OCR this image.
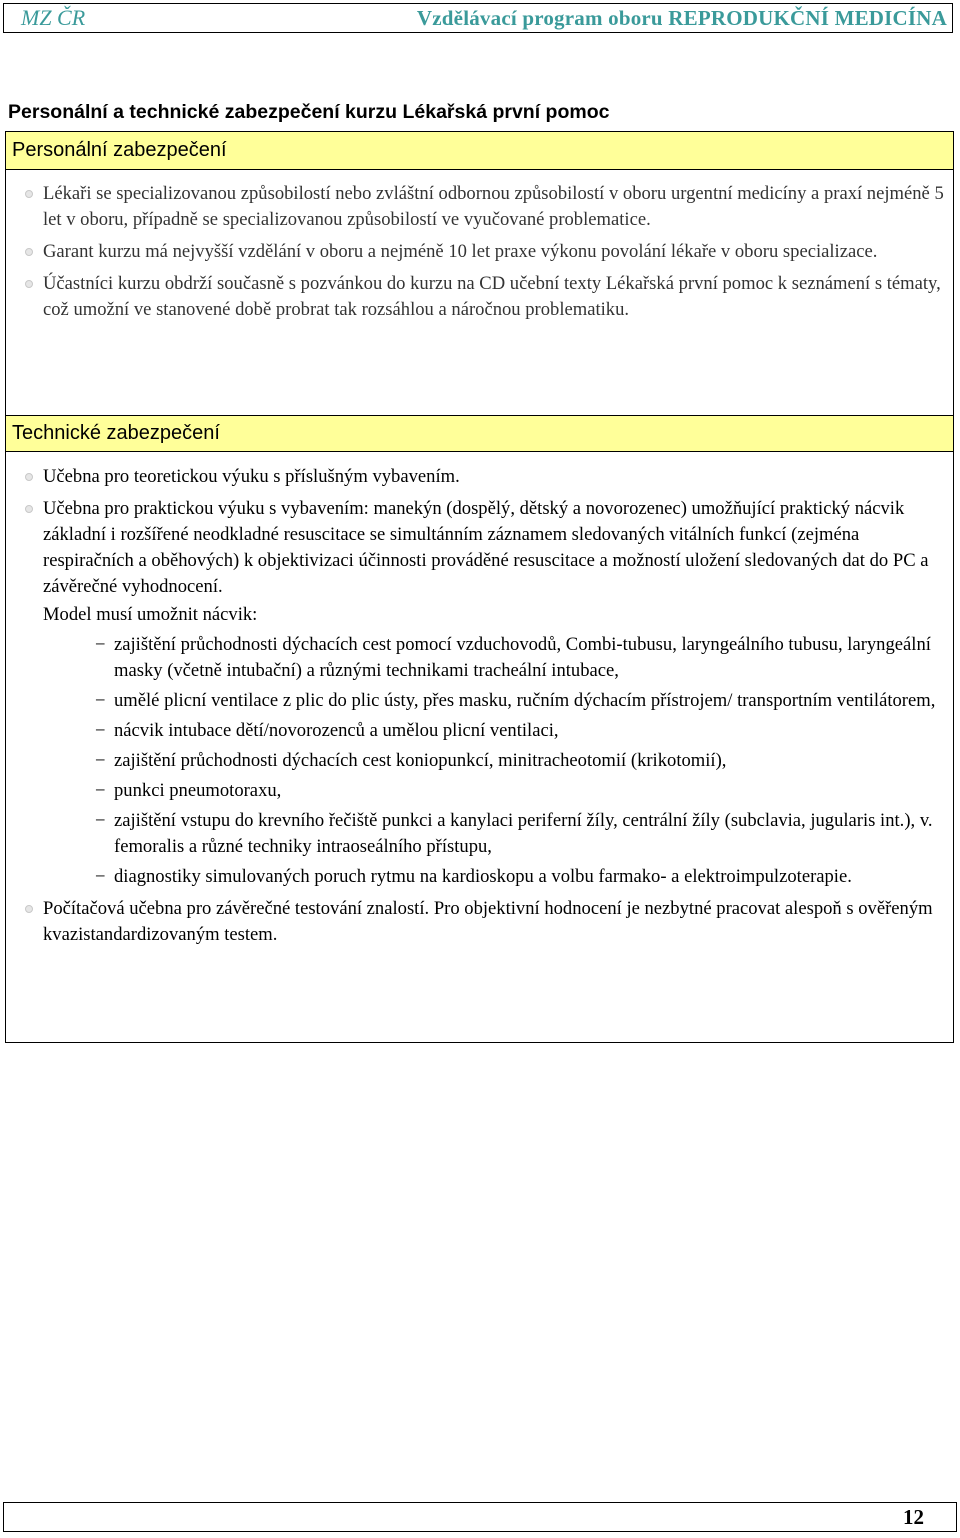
MZ ČR	Vzdělávací program oboru REPRODUKČNÍ MEDICÍNA
Personální a technické zabezpečení kurzu Lékařská první pomoc
Personální zabezpečení
Lékaři se specializovanou způsobilostí nebo zvláštní odbornou způsobilostí v oboru urgentní medicíny a praxí nejméně 5 let v oboru, případně se specializovanou způsobilostí ve vyučované problematice.
Garant kurzu má nejvyšší vzdělání v oboru a nejméně 10 let praxe výkonu povolání lékaře v oboru specializace.
Účastníci kurzu obdrží současně s pozvánkou do kurzu na CD učební texty Lékařská první pomoc k seznámení s tématy, což umožní ve stanovené době probrat tak rozsáhlou a náročnou problematiku.
Technické zabezpečení
Učebna pro teoretickou výuku s příslušným vybavením.
Učebna pro praktickou výuku s vybavením: manekýn (dospělý, dětský a novorozenec) umožňující praktický nácvik základní i rozšířené neodkladné resuscitace se simultánním záznamem sledovaných vitálních funkcí (zejména respiračních a oběhových) k objektivizaci účinnosti prováděné resuscitace a možností uložení sledovaných dat do PC a závěrečné vyhodnocení.
Model musí umožnit nácvik:
− zajištění průchodnosti dýchacích cest pomocí vzduchovodů, Combi-tubusu, laryngeálního tubusu, laryngeální masky (včetně intubační) a různými technikami tracheální intubace,
− umělé plicní ventilace z plic do plic ústy, přes masku, ručním dýchacím přístrojem/ transportním ventilátorem,
− nácvik intubace dětí/novorozenců a umělou plicní ventilaci,
− zajištění průchodnosti dýchacích cest koniopunkcí, minitracheotomií (krikotomií),
− punkci pneumotoraxu,
− zajištění vstupu do krevního řečiště punkci a kanylaci periferní žíly, centrální žíly (subclavia, jugularis int.), v. femoralis a různé techniky intraoseálního přístupu,
− diagnostiky simulovaných poruch rytmu na kardioskopu a volbu farmako- a elektroimpulzoterapie.
Počítačová učebna pro závěrečné testování znalostí. Pro objektivní hodnocení je nezbytné pracovat alespoň s ověřeným kvazistandardizovaným testem.
12
